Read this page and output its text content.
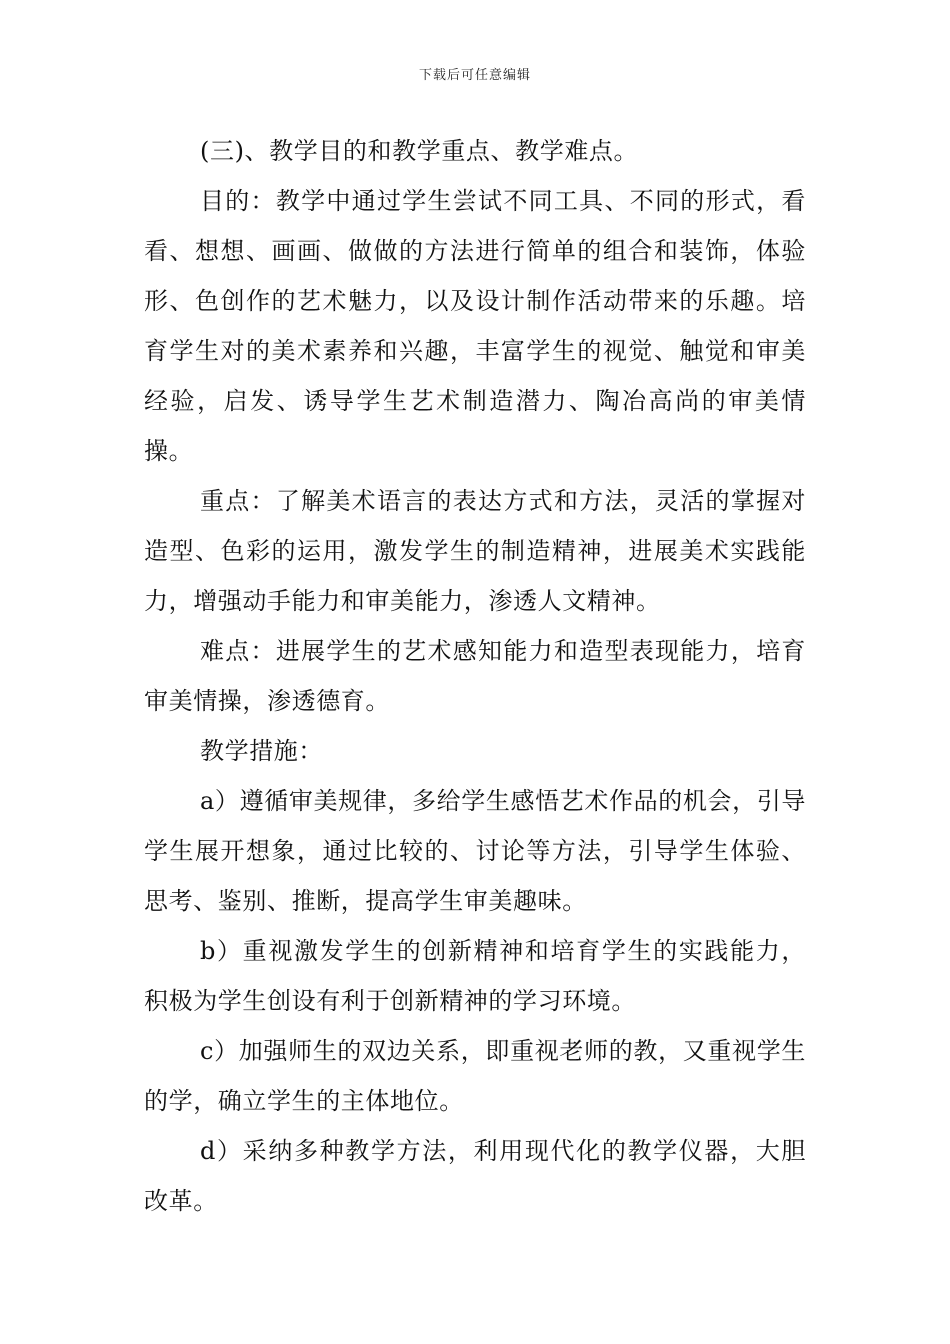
下载后可任意编辑

(三)、教学目的和教学重点、教学难点。

目的：教学中通过学生尝试不同工具、不同的形式，看看、想想、画画、做做的方法进行简单的组合和装饰，体验形、色创作的艺术魅力，以及设计制作活动带来的乐趣。培育学生对的美术素养和兴趣，丰富学生的视觉、触觉和审美经验，启发、诱导学生艺术制造潜力、陶冶高尚的审美情操。

重点：了解美术语言的表达方式和方法，灵活的掌握对造型、色彩的运用，激发学生的制造精神，进展美术实践能力，增强动手能力和审美能力，渗透人文精神。

难点：进展学生的艺术感知能力和造型表现能力，培育审美情操，渗透德育。

教学措施：

a）遵循审美规律，多给学生感悟艺术作品的机会，引导学生展开想象，通过比较的、讨论等方法，引导学生体验、思考、鉴别、推断，提高学生审美趣味。

b）重视激发学生的创新精神和培育学生的实践能力，积极为学生创设有利于创新精神的学习环境。

c）加强师生的双边关系，即重视老师的教，又重视学生的学，确立学生的主体地位。

d）采纳多种教学方法，利用现代化的教学仪器，大胆改革。
